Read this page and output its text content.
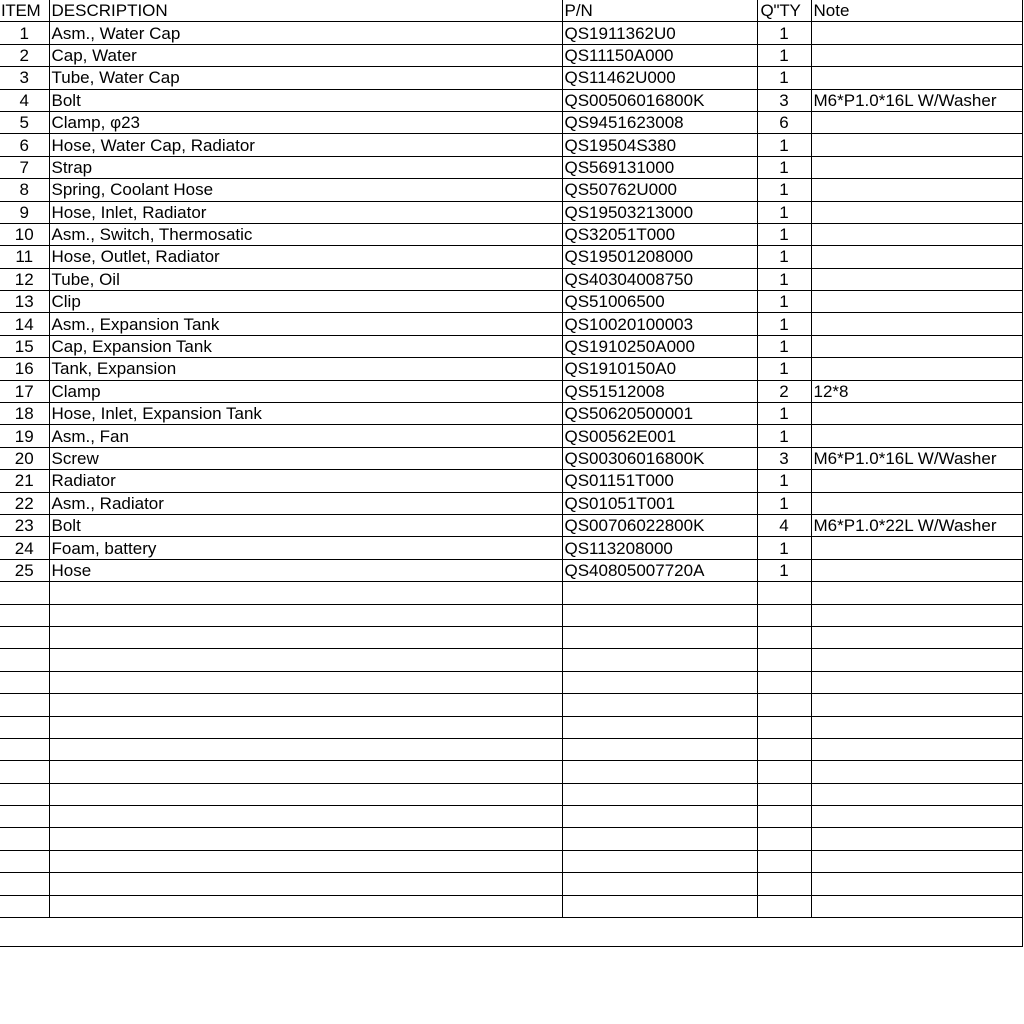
ITEM	DESCRIPTION	P/N	Q"TY	Note
1	Asm., Water Cap	QS1911362U0	1	
2	Cap, Water	QS11150A000	1	
3	Tube, Water Cap	QS11462U000	1	
4	Bolt	QS00506016800K	3	M6*P1.0*16L W/Washer
5	Clamp, φ23	QS9451623008	6	
6	Hose, Water Cap, Radiator	QS19504S380	1	
7	Strap	QS569131000	1	
8	Spring, Coolant Hose	QS50762U000	1	
9	Hose, Inlet, Radiator	QS19503213000	1	
10	Asm., Switch, Thermosatic	QS32051T000	1	
11	Hose, Outlet, Radiator	QS19501208000	1	
12	Tube, Oil	QS40304008750	1	
13	Clip	QS51006500	1	
14	Asm., Expansion Tank	QS10020100003	1	
15	Cap, Expansion Tank	QS1910250A000	1	
16	Tank, Expansion	QS1910150A0	1	
17	Clamp	QS51512008	2	12*8
18	Hose, Inlet, Expansion Tank	QS50620500001	1	
19	Asm., Fan	QS00562E001	1	
20	Screw	QS00306016800K	3	M6*P1.0*16L W/Washer
21	Radiator	QS01151T000	1	
22	Asm., Radiator	QS01051T001	1	
23	Bolt	QS00706022800K	4	M6*P1.0*22L W/Washer
24	Foam, battery	QS113208000	1	
25	Hose	QS40805007720A	1	
